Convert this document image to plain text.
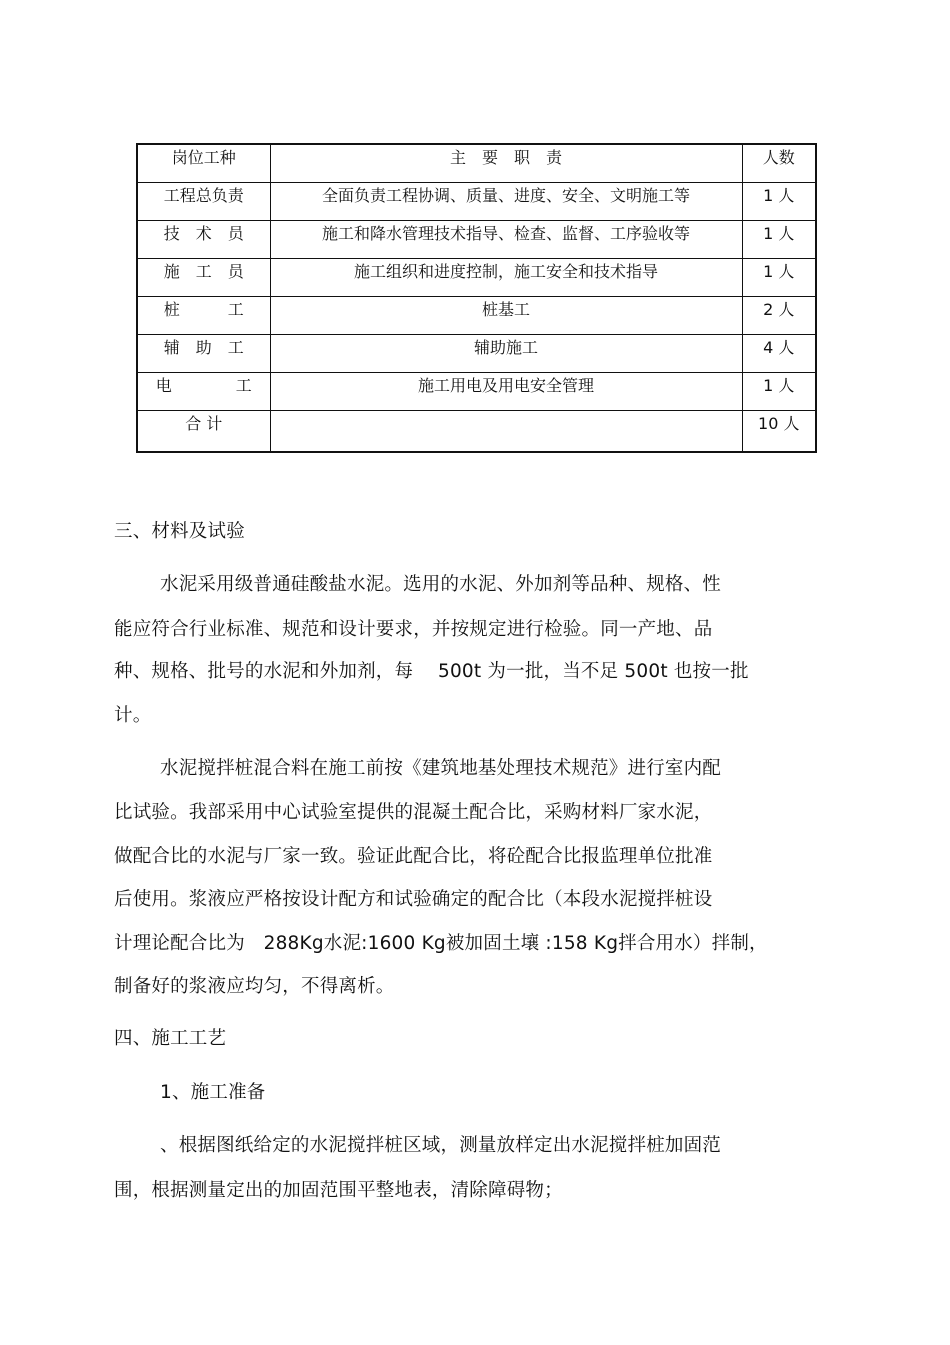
岗位工种	主　要　职　责	人数
工程总负责	全面负责工程协调、质量、进度、安全、文明施工等	1 人
技　术　员	施工和降水管理技术指导、检查、监督、工序验收等	1 人
施　工　员	施工组织和进度控制，施工安全和技术指导	1 人
桩　　　工	桩基工	2 人
辅　助　工	辅助施工	4 人
电　　　　工	施工用电及用电安全管理	1 人
合 计		10 人
三、材料及试验
水泥采用级普通硅酸盐水泥。选用的水泥、外加剂等品种、规格、性
能应符合行业标准、规范和设计要求，并按规定进行检验。同一产地、品
种、规格、批号的水泥和外加剂，每　 500t 为一批，当不足 500t 也按一批
计。
水泥搅拌桩混合料在施工前按《建筑地基处理技术规范》进行室内配
比试验。我部采用中心试验室提供的混凝土配合比，采购材料厂家水泥，
做配合比的水泥与厂家一致。验证此配合比，将砼配合比报监理单位批准
后使用。浆液应严格按设计配方和试验确定的配合比（本段水泥搅拌桩设
计理论配合比为　288Kg水泥:1600 Kg被加固土壤 :158 Kg拌合用水）拌制，
制备好的浆液应均匀，不得离析。
四、施工工艺
1、施工准备
、根据图纸给定的水泥搅拌桩区域，测量放样定出水泥搅拌桩加固范
围，根据测量定出的加固范围平整地表，清除障碍物；
